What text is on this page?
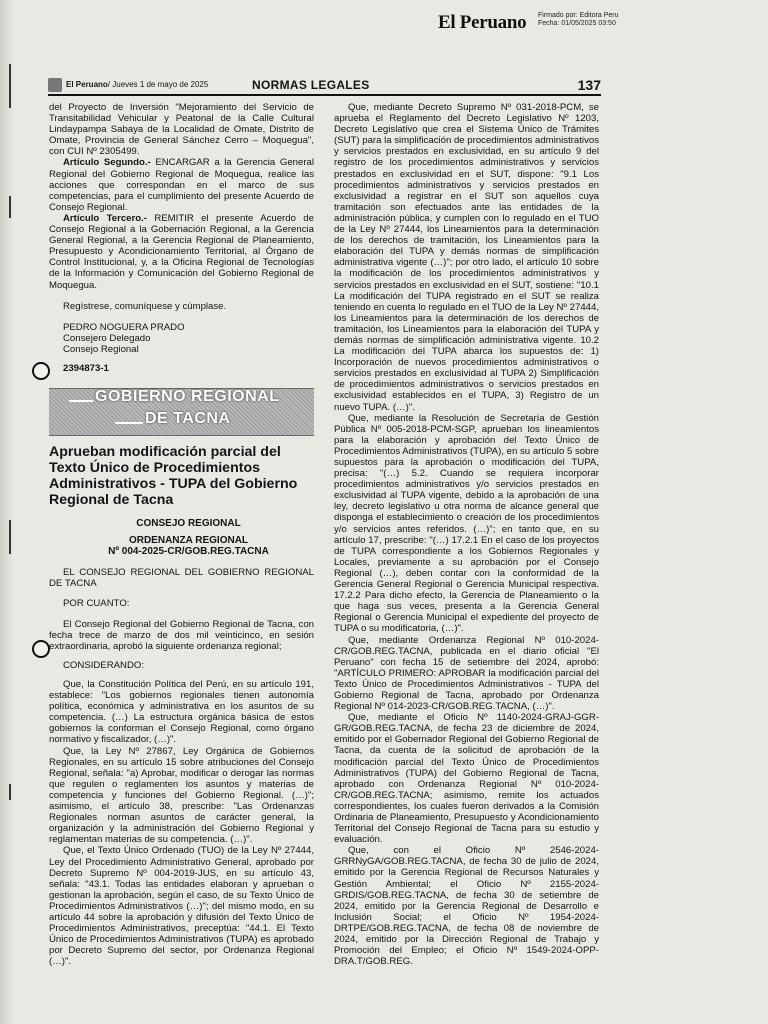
El Peruano Firmado por: Editora Peru
Fecha: 01/05/2025 03:50
El Peruano/ Jueves 1 de mayo de 2025	NORMAS LEGALES	137

del Proyecto de Inversión "Mejoramiento del Servicio de Transitabilidad Vehicular y Peatonal de la Calle Cultural Lindaypampa Sabaya de la Localidad de Omate, Distrito de Omate, Provincia de General Sánchez Cerro – Moquegua", con CUI Nº 2305499.

Artículo Segundo.- ENCARGAR a la Gerencia General Regional del Gobierno Regional de Moquegua, realice las acciones que correspondan en el marco de sus competencias, para el cumplimiento del presente Acuerdo de Consejo Regional.

Artículo Tercero.- REMITIR el presente Acuerdo de Consejo Regional a la Gobernación Regional, a la Gerencia General Regional, a la Gerencia Regional de Planeamiento, Presupuesto y Acondicionamiento Territorial, al Órgano de Control Institucional, y, a la Oficina Regional de Tecnologías de la Información y Comunicación del Gobierno Regional de Moquegua.

Regístrese, comuníquese y cúmplase.

PEDRO NOGUERA PRADO

Consejero Delegado

Consejo Regional

2394873-1
GOBIERNO REGIONAL
DE TACNA
Aprueban modificación parcial del Texto Único de Procedimientos Administrativos - TUPA del Gobierno Regional de Tacna

CONSEJO REGIONAL

ORDENANZA REGIONAL

Nº 004-2025-CR/GOB.REG.TACNA

EL CONSEJO REGIONAL DEL GOBIERNO REGIONAL DE TACNA

POR CUANTO:

El Consejo Regional del Gobierno Regional de Tacna, con fecha trece de marzo de dos mil veinticinco, en sesión extraordinaria, aprobó la siguiente ordenanza regional;

CONSIDERANDO:

Que, la Constitución Política del Perú, en su artículo 191, establece: "Los gobiernos regionales tienen autonomía política, económica y administrativa en los asuntos de su competencia. (…) La estructura orgánica básica de estos gobiernos la conforman el Consejo Regional, como órgano normativo y fiscalizador, (…)".

Que, la Ley Nº 27867, Ley Orgánica de Gobiernos Regionales, en su artículo 15 sobre atribuciones del Consejo Regional, señala: "a) Aprobar, modificar o derogar las normas que regulen o reglamenten los asuntos y materias de competencia y funciones del Gobierno Regional. (…)"; asimismo, el artículo 38, prescribe: "Las Ordenanzas Regionales norman asuntos de carácter general, la organización y la administración del Gobierno Regional y reglamentan materias de su competencia. (…)".

Que, el Texto Único Ordenado (TUO) de la Ley Nº 27444, Ley del Procedimiento Administrativo General, aprobado por Decreto Supremo Nº 004-2019-JUS, en su artículo 43, señala: "43.1. Todas las entidades elaboran y aprueban o gestionan la aprobación, según el caso, de su Texto Único de Procedimientos Administrativos (…)"; del mismo modo, en su artículo 44 sobre la aprobación y difusión del Texto Único de Procedimientos Administrativos, preceptúa: "44.1. El Texto Único de Procedimientos Administrativos (TUPA) es aprobado por Decreto Supremo del sector, por Ordenanza Regional (…)".

Que, mediante Decreto Supremo Nº 031-2018-PCM, se aprueba el Reglamento del Decreto Legislativo Nº 1203, Decreto Legislativo que crea el Sistema Único de Trámites (SUT) para la simplificación de procedimientos administrativos y servicios prestados en exclusividad, en su artículo 9 del registro de los procedimientos administrativos y servicios prestados en exclusividad en el SUT, dispone: "9.1 Los procedimientos administrativos y servicios prestados en exclusividad a registrar en el SUT son aquellos cuya tramitación son efectuados ante las entidades de la administración pública, y cumplen con lo regulado en el TUO de la Ley Nº 27444, los Lineamientos para la determinación de los derechos de tramitación, los Lineamientos para la elaboración del TUPA y demás normas de simplificación administrativa vigente (…)"; por otro lado, el artículo 10 sobre la modificación de los procedimientos administrativos y servicios prestados en exclusividad en el SUT, sostiene: "10.1 La modificación del TUPA registrado en el SUT se realiza teniendo en cuenta lo regulado en el TUO de la Ley Nº 27444, los Lineamientos para la determinación de los derechos de tramitación, los Lineamientos para la elaboración del TUPA y demás normas de simplificación administrativa vigente. 10.2 La modificación del TUPA abarca los supuestos de: 1) Incorporación de nuevos procedimientos administrativos o servicios prestados en exclusividad al TUPA 2) Simplificación de procedimientos administrativos o servicios prestados en exclusividad establecidos en el TUPA, 3) Registro de un nuevo TUPA. (…)".

Que, mediante la Resolución de Secretaría de Gestión Pública Nº 005-2018-PCM-SGP, aprueban los lineamientos para la elaboración y aprobación del Texto Único de Procedimientos Administrativos (TUPA), en su artículo 5 sobre supuestos para la aprobación o modificación del TUPA, precisa: "(…) 5.2. Cuando se requiera incorporar procedimientos administrativos y/o servicios prestados en exclusividad al TUPA vigente, debido a la aprobación de una ley, decreto legislativo u otra norma de alcance general que disponga el establecimiento o creación de los procedimientos y/o servicios antes referidos. (…)"; en tanto que, en su artículo 17, prescribe: "(…) 17.2.1 En el caso de los proyectos de TUPA correspondiente a los Gobiernos Regionales y Locales, previamente a su aprobación por el Consejo Regional (…), deben contar con la conformidad de la Gerencia General Regional o Gerencia Municipal respectiva. 17.2.2 Para dicho efecto, la Gerencia de Planeamiento o la que haga sus veces, presenta a la Gerencia General Regional o Gerencia Municipal el expediente del proyecto de TUPA o su modificatoria, (…)".

Que, mediante Ordenanza Regional Nº 010-2024-CR/GOB.REG.TACNA, publicada en el diario oficial "El Peruano" con fecha 15 de setiembre del 2024, aprobó: "ARTÍCULO PRIMERO: APROBAR la modificación parcial del Texto Único de Procedimientos Administrativos - TUPA del Gobierno Regional de Tacna, aprobado por Ordenanza Regional Nº 014-2023-CR/GOB.REG.TACNA, (…)".

Que, mediante el Oficio Nº 1140-2024-GRAJ-GGR-GR/GOB.REG.TACNA, de fecha 23 de diciembre de 2024, emitido por el Gobernador Regional del Gobierno Regional de Tacna, da cuenta de la solicitud de aprobación de la modificación parcial del Texto Único de Procedimientos Administrativos (TUPA) del Gobierno Regional de Tacna, aprobado con Ordenanza Regional Nº 010-2024-CR/GOB.REG.TACNA; asimismo, remite los actuados correspondientes, los cuales fueron derivados a la Comisión Ordinaria de Planeamiento, Presupuesto y Acondicionamiento Territorial del Consejo Regional de Tacna para su estudio y evaluación.

Que, con el Oficio Nº 2546-2024-GRRNyGA/GOB.REG.TACNA, de fecha 30 de julio de 2024, emitido por la Gerencia Regional de Recursos Naturales y Gestión Ambiental; el Oficio Nº 2155-2024-GRDIS/GOB.REG.TACNA, de fecha 30 de setiembre de 2024, emitido por la Gerencia Regional de Desarrollo e Inclusión Social; el Oficio Nº 1954-2024-DRTPE/GOB.REG.TACNA, de fecha 08 de noviembre de 2024, emitido por la Dirección Regional de Trabajo y Promoción del Empleo; el Oficio Nº 1549-2024-OPP-DRA.T/GOB.REG.
